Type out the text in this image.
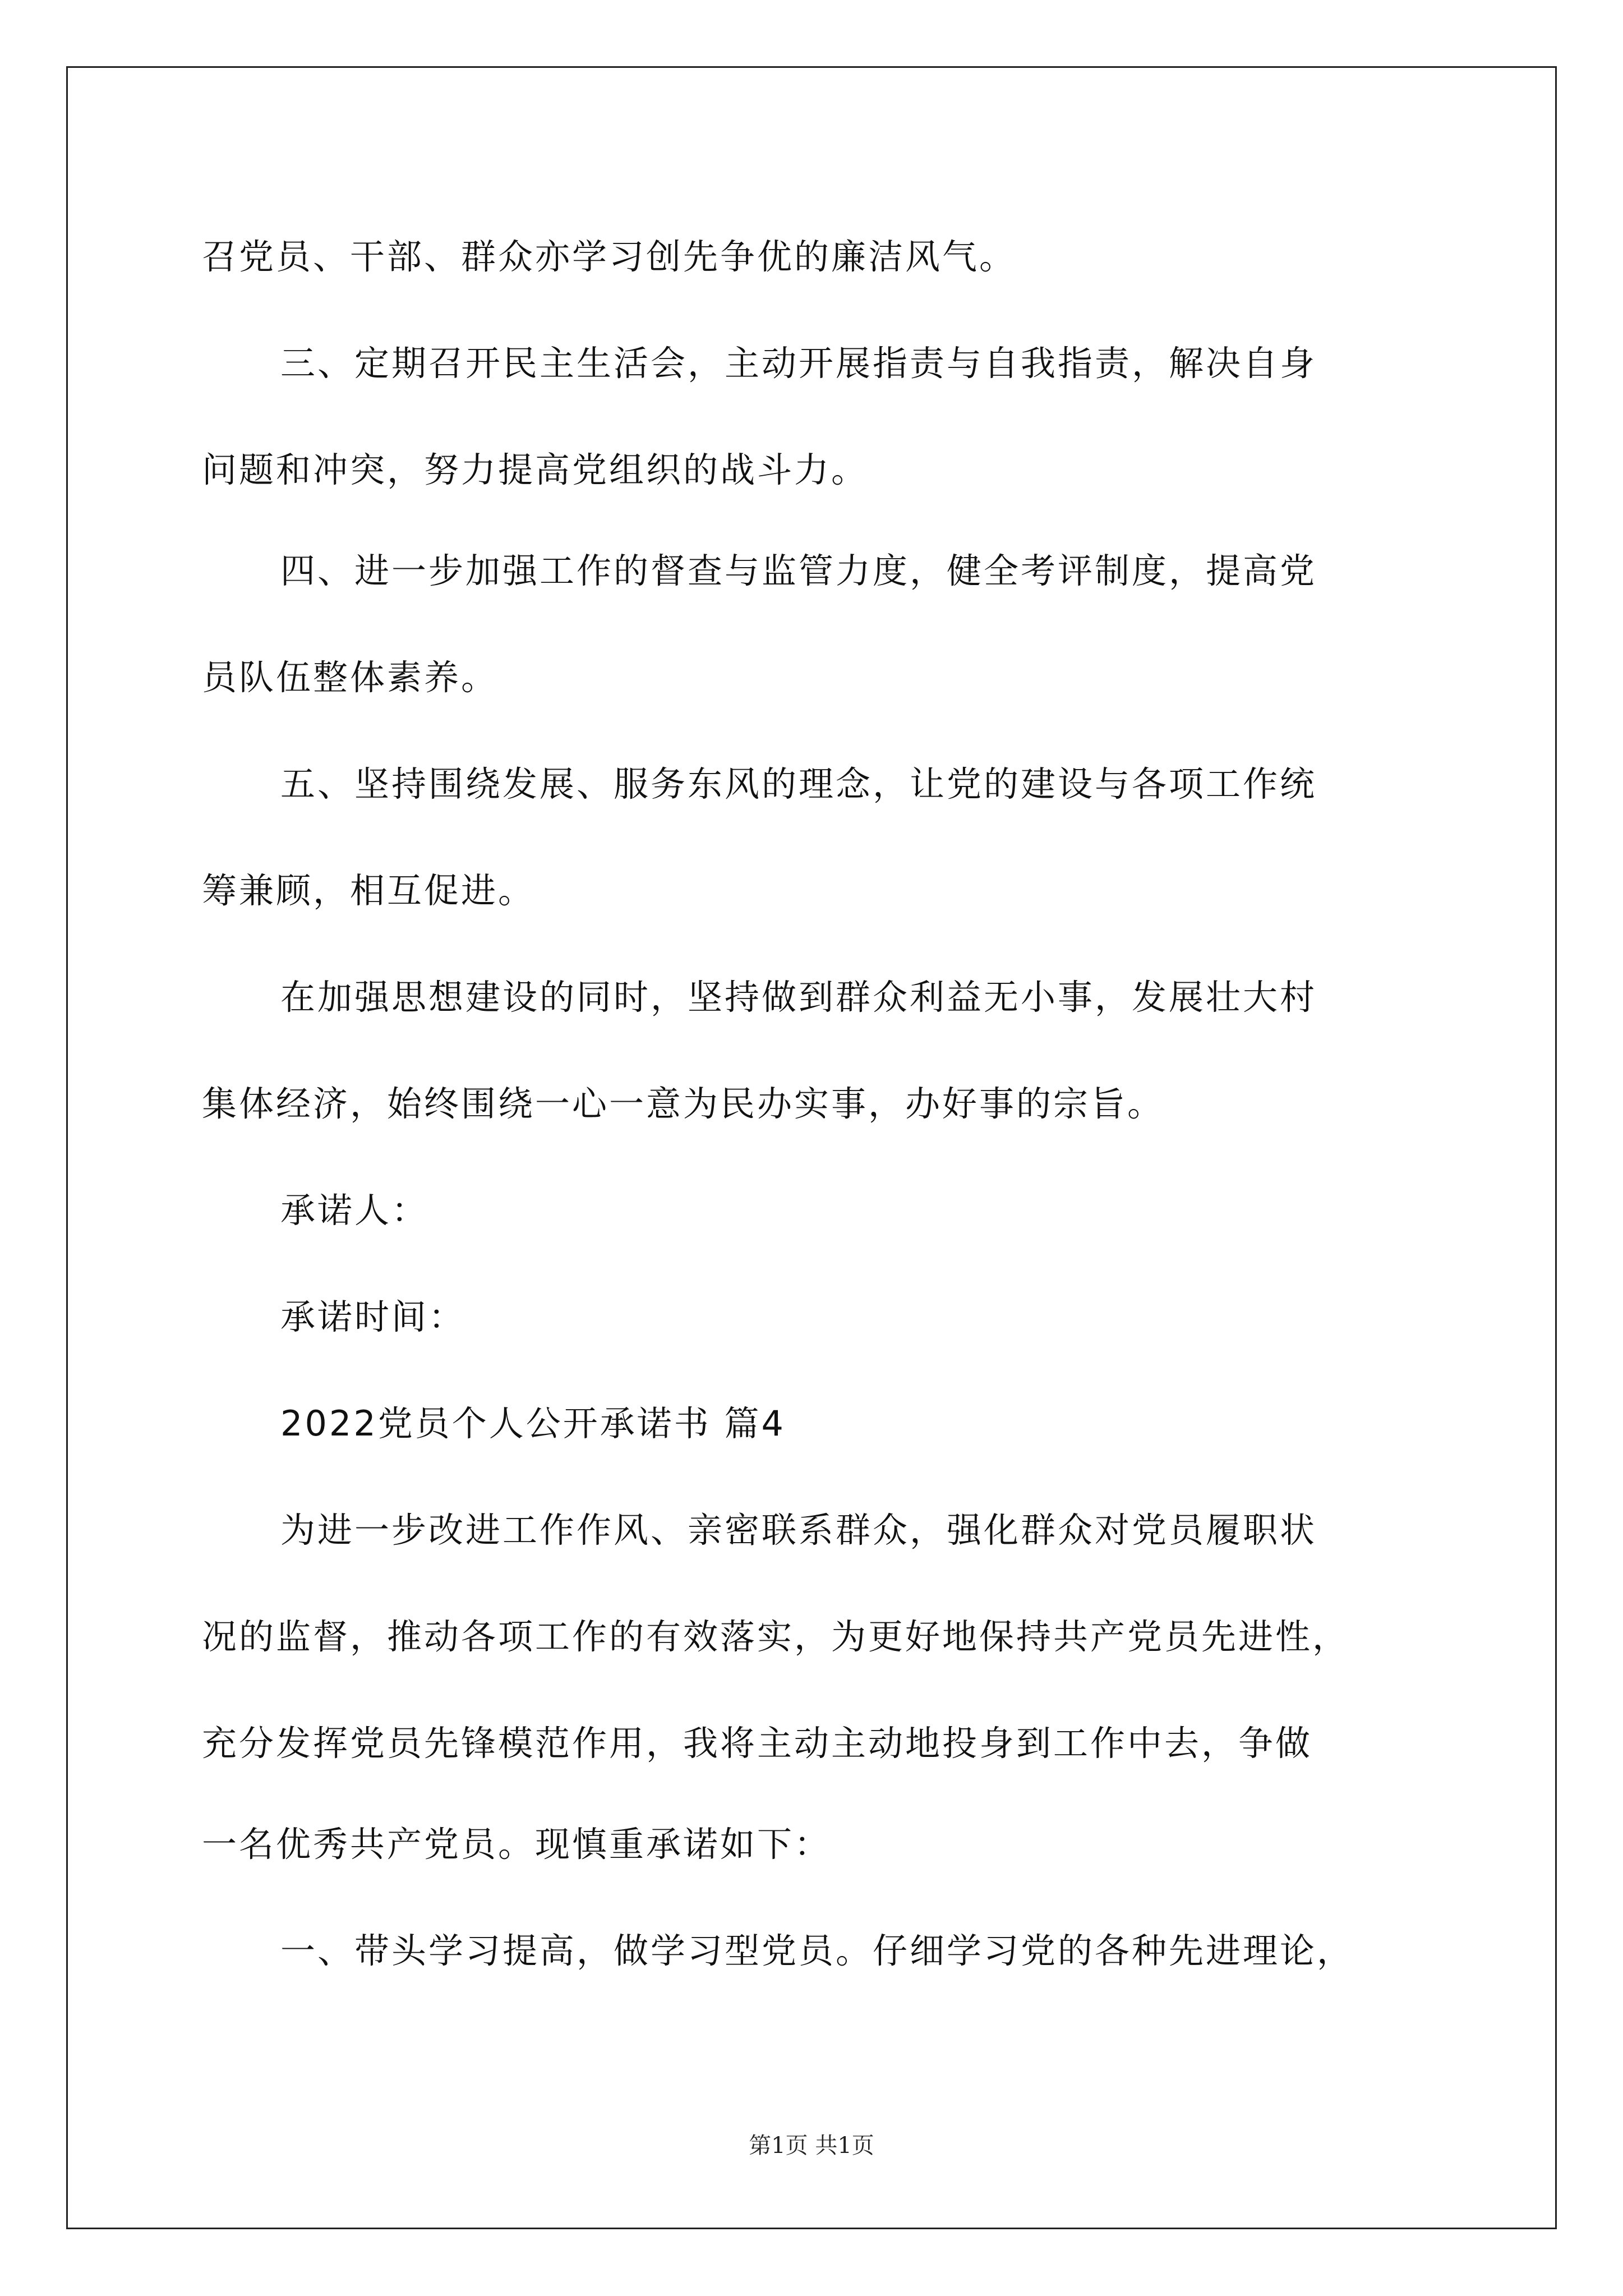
召党员、干部、群众亦学习创先争优的廉洁风气。
三、定期召开民主生活会，主动开展指责与自我指责，解决自身
问题和冲突，努力提高党组织的战斗力。
四、进一步加强工作的督查与监管力度，健全考评制度，提高党
员队伍整体素养。
五、坚持围绕发展、服务东风的理念，让党的建设与各项工作统
筹兼顾，相互促进。
在加强思想建设的同时，坚持做到群众利益无小事，发展壮大村
集体经济，始终围绕一心一意为民办实事，办好事的宗旨。
承诺人：
承诺时间：
2022党员个人公开承诺书 篇4
为进一步改进工作作风、亲密联系群众，强化群众对党员履职状
况的监督，推动各项工作的有效落实，为更好地保持共产党员先进性，
充分发挥党员先锋模范作用，我将主动主动地投身到工作中去，争做
一名优秀共产党员。现慎重承诺如下：
一、带头学习提高，做学习型党员。仔细学习党的各种先进理论，
第1页 共1页
